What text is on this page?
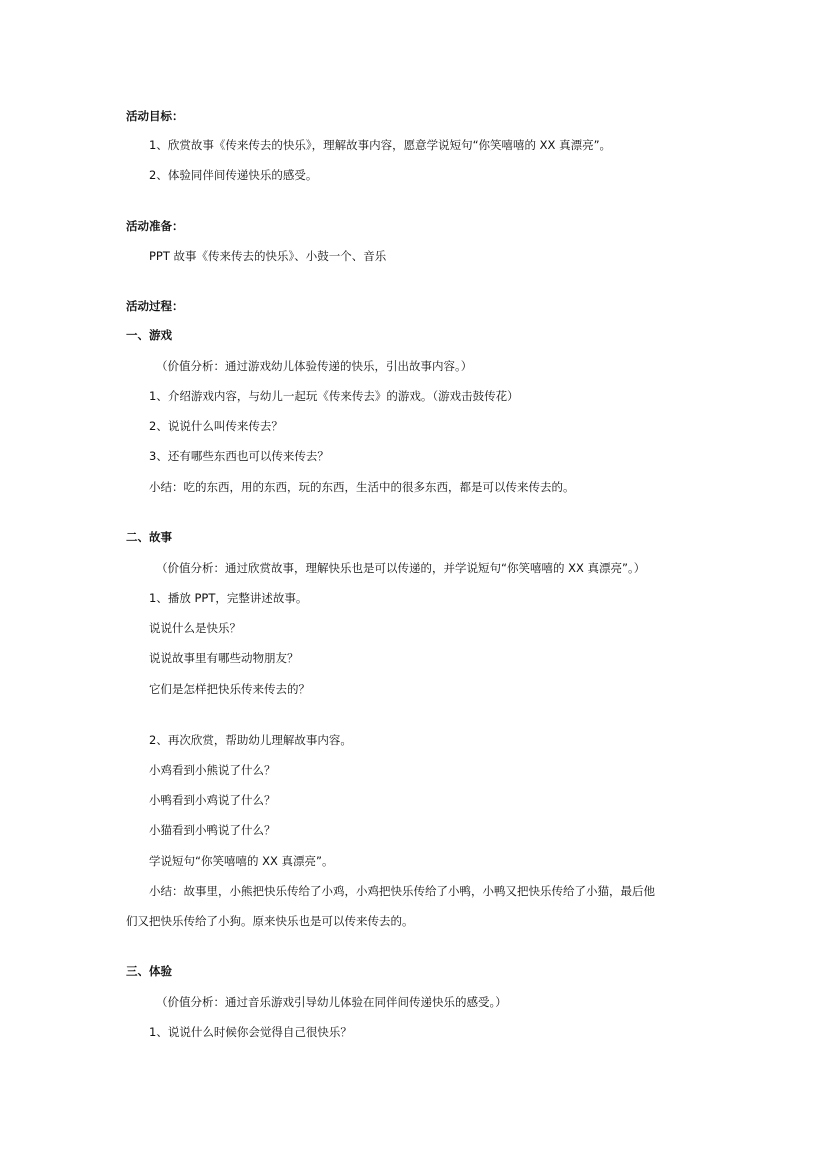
活动目标：
1、欣赏故事《传来传去的快乐》，理解故事内容，愿意学说短句“你笑嘻嘻的 XX 真漂亮”。
2、体验同伴间传递快乐的感受。
活动准备：
PPT 故事《传来传去的快乐》、小鼓一个、音乐
活动过程：
一、游戏
（价值分析：通过游戏幼儿体验传递的快乐，引出故事内容。）
1、介绍游戏内容，与幼儿一起玩《传来传去》的游戏。（游戏击鼓传花）
2、说说什么叫传来传去？
3、还有哪些东西也可以传来传去？
小结：吃的东西，用的东西，玩的东西，生活中的很多东西，都是可以传来传去的。
二、故事
（价值分析：通过欣赏故事，理解快乐也是可以传递的，并学说短句“你笑嘻嘻的 XX 真漂亮”。）
1、播放 PPT，完整讲述故事。
说说什么是快乐？
说说故事里有哪些动物朋友？
它们是怎样把快乐传来传去的？
2、再次欣赏，帮助幼儿理解故事内容。
小鸡看到小熊说了什么？
小鸭看到小鸡说了什么？
小猫看到小鸭说了什么？
学说短句“你笑嘻嘻的 XX 真漂亮”。
小结：故事里，小熊把快乐传给了小鸡，小鸡把快乐传给了小鸭，小鸭又把快乐传给了小猫，最后他
们又把快乐传给了小狗。原来快乐也是可以传来传去的。
三、体验
（价值分析：通过音乐游戏引导幼儿体验在同伴间传递快乐的感受。）
1、说说什么时候你会觉得自己很快乐？
